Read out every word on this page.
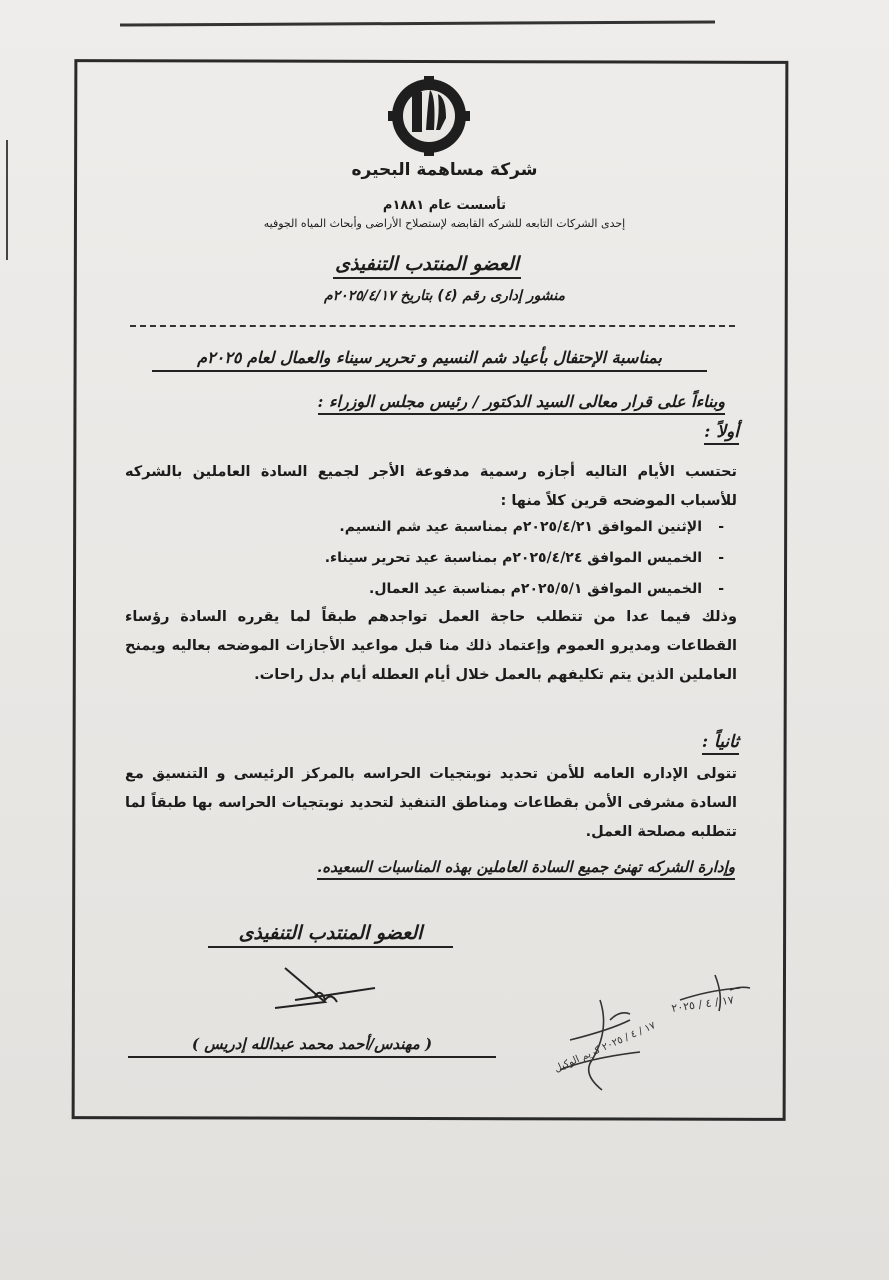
شركة مساهمة البحيره
تأسست عام ١٨٨١م
إحدى الشركات التابعه للشركه القابضه لإستصلاح الأراضى وأبحاث المياه الجوفيه
العضو المنتدب التنفيذى
منشور إدارى رقم (٤) بتاريخ ٢٠٢٥/٤/١٧م
بمناسبة الإحتفال بأعياد شم النسيم و تحرير سيناء والعمال لعام ٢٠٢٥م
وبناءاً على قرار معالى السيد الدكتور / رئيس مجلس الوزراء :
أولاً :
تحتسب الأيام التاليه أجازه رسمية مدفوعة الأجر لجميع السادة العاملين بالشركه للأسباب الموضحه قرين كلاً منها :
- الإثنين الموافق ٢٠٢٥/٤/٢١م بمناسبة عيد شم النسيم.
- الخميس الموافق ٢٠٢٥/٤/٢٤م بمناسبة عيد تحرير سيناء.
- الخميس الموافق ٢٠٢٥/٥/١م بمناسبة عيد العمال.
وذلك فيما عدا من تتطلب حاجة العمل تواجدهم طبقاً لما يقرره السادة رؤساء القطاعات ومديرو العموم وإعتماد ذلك منا قبل مواعيد الأجازات الموضحه بعاليه ويمنح العاملين الذين يتم تكليفهم بالعمل خلال أيام العطله أيام بدل راحات.
ثانياً :
تتولى الإداره العامه للأمن تحديد نوبتجيات الحراسه بالمركز الرئيسى و التنسيق مع السادة مشرفى الأمن بقطاعات ومناطق التنفيذ لتحديد نوبتجيات الحراسه بها طبقاً لما تتطلبه مصلحة العمل.
وإدارة الشركه تهنئ جميع السادة العاملين بهذه المناسبات السعيده.
العضو المنتدب التنفيذى
( مهندس/أحمد محمد عبدالله إدريس )
١٧ / ٤ / ٢٠٢٥
١٧ / ٤ / ٢٠٢٥ كريم الوكيل
